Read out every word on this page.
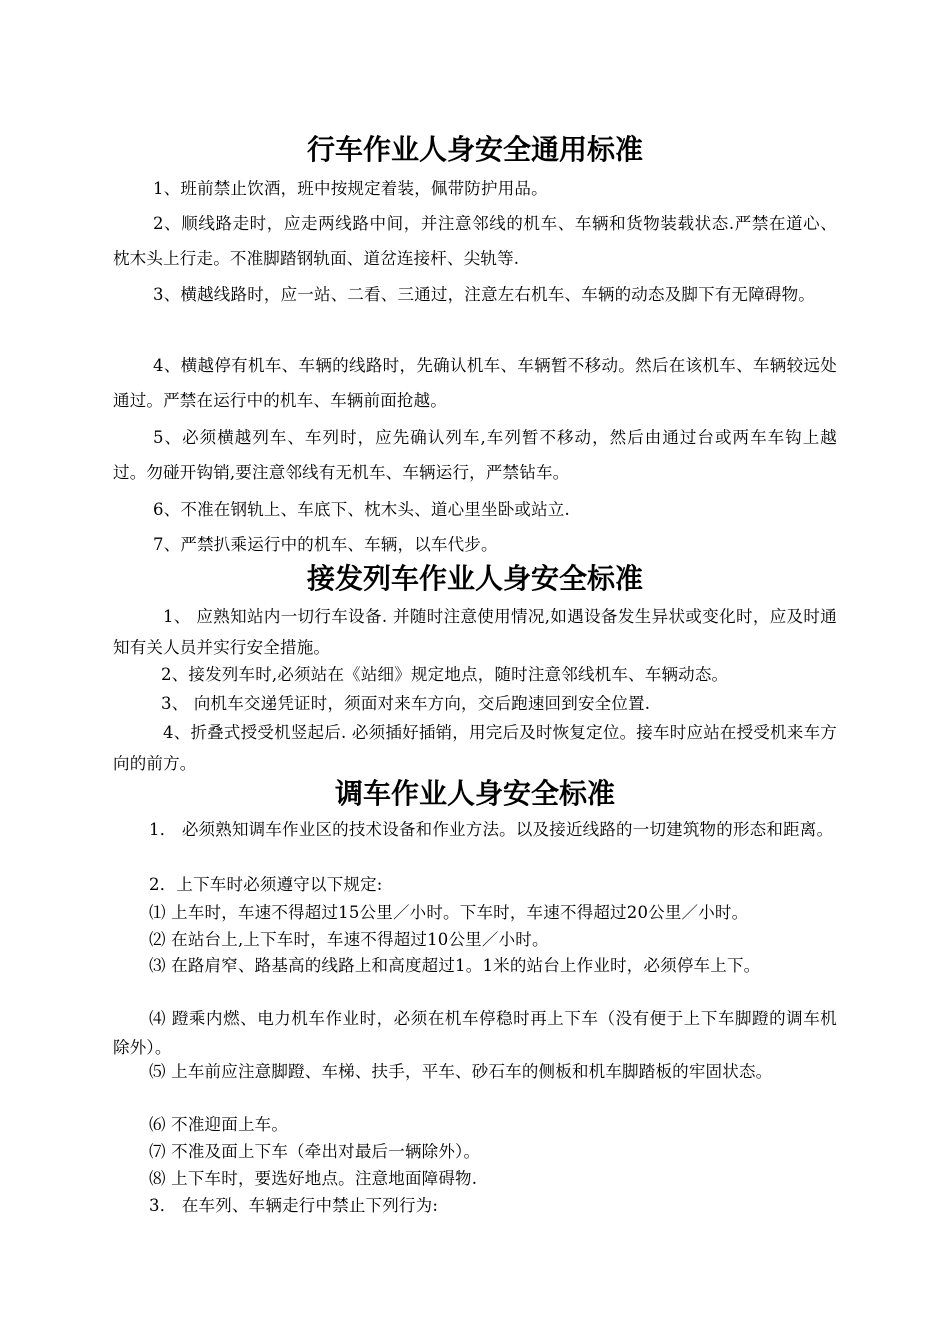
行车作业人身安全通用标准
1、班前禁止饮酒，班中按规定着装，佩带防护用品。
2、顺线路走时，应走两线路中间，并注意邻线的机车、车辆和货物装载状态.严禁在道心、枕木头上行走。不准脚踏钢轨面、道岔连接杆、尖轨等.
3、横越线路时，应一站、二看、三通过，注意左右机车、车辆的动态及脚下有无障碍物。
4、横越停有机车、车辆的线路时，先确认机车、车辆暂不移动。然后在该机车、车辆较远处通过。严禁在运行中的机车、车辆前面抢越。
5、必须横越列车、车列时，应先确认列车,车列暂不移动，然后由通过台或两车车钩上越过。勿碰开钩销,要注意邻线有无机车、车辆运行，严禁钻车。
6、不准在钢轨上、车底下、枕木头、道心里坐卧或站立.
7、严禁扒乘运行中的机车、车辆，以车代步。
接发列车作业人身安全标准
1、 应熟知站内一切行车设备. 并随时注意使用情况,如遇设备发生异状或变化时，应及时通知有关人员并实行安全措施。
2、接发列车时,必须站在《站细》规定地点，随时注意邻线机车、车辆动态。
3、 向机车交递凭证时，须面对来车方向，交后跑速回到安全位置.
4、折叠式授受机竖起后. 必须插好插销，用完后及时恢复定位。接车时应站在授受机来车方向的前方。
调车作业人身安全标准
1． 必须熟知调车作业区的技术设备和作业方法。以及接近线路的一切建筑物的形态和距离。
2．上下车时必须遵守以下规定:
⑴ 上车时，车速不得超过15公里／小时。下车时，车速不得超过20公里／小时。
⑵ 在站台上,上下车时，车速不得超过10公里／小时。
⑶ 在路肩窄、路基高的线路上和高度超过1。1米的站台上作业时，必须停车上下。
⑷ 蹬乘内燃、电力机车作业时，必须在机车停稳时再上下车（没有便于上下车脚蹬的调车机除外）。
⑸ 上车前应注意脚蹬、车梯、扶手，平车、砂石车的侧板和机车脚踏板的牢固状态。
⑹ 不准迎面上车。
⑺ 不准及面上下车（牵出对最后一辆除外）。
⑻ 上下车时，要选好地点。注意地面障碍物.
3． 在车列、车辆走行中禁止下列行为:
